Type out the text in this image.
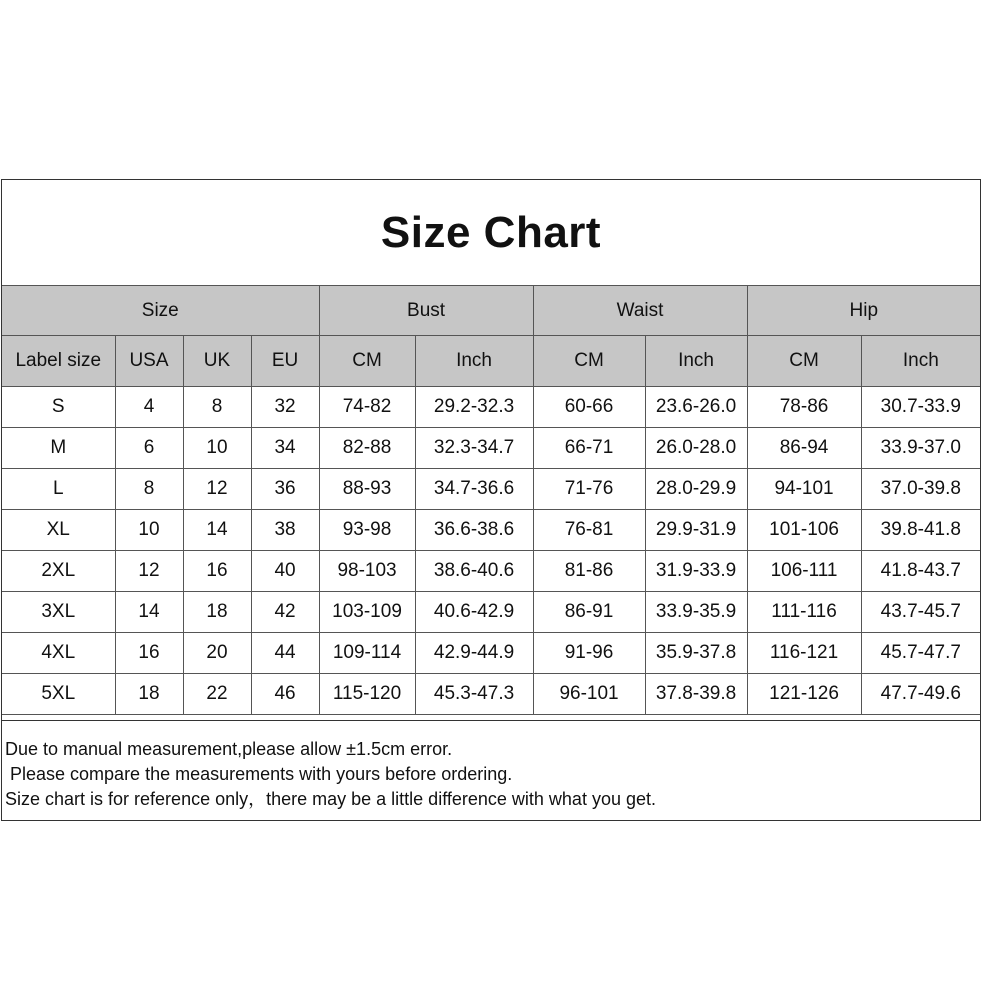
Size Chart
Size				Bust		Waist		Hip	
Label size	USA	UK	EU	CM	Inch	CM	Inch	CM	Inch
S	4	8	32	74-82	29.2-32.3	60-66	23.6-26.0	78-86	30.7-33.9
M	6	10	34	82-88	32.3-34.7	66-71	26.0-28.0	86-94	33.9-37.0
L	8	12	36	88-93	34.7-36.6	71-76	28.0-29.9	94-101	37.0-39.8
XL	10	14	38	93-98	36.6-38.6	76-81	29.9-31.9	101-106	39.8-41.8
2XL	12	16	40	98-103	38.6-40.6	81-86	31.9-33.9	106-111	41.8-43.7
3XL	14	18	42	103-109	40.6-42.9	86-91	33.9-35.9	111-116	43.7-45.7
4XL	16	20	44	109-114	42.9-44.9	91-96	35.9-37.8	116-121	45.7-47.7
5XL	18	22	46	115-120	45.3-47.3	96-101	37.8-39.8	121-126	47.7-49.6

Due to manual measurement,please allow ±1.5cm error.

Please compare the measurements with yours before ordering.

Size chart is for reference only，there may be a little difference with what you get.
